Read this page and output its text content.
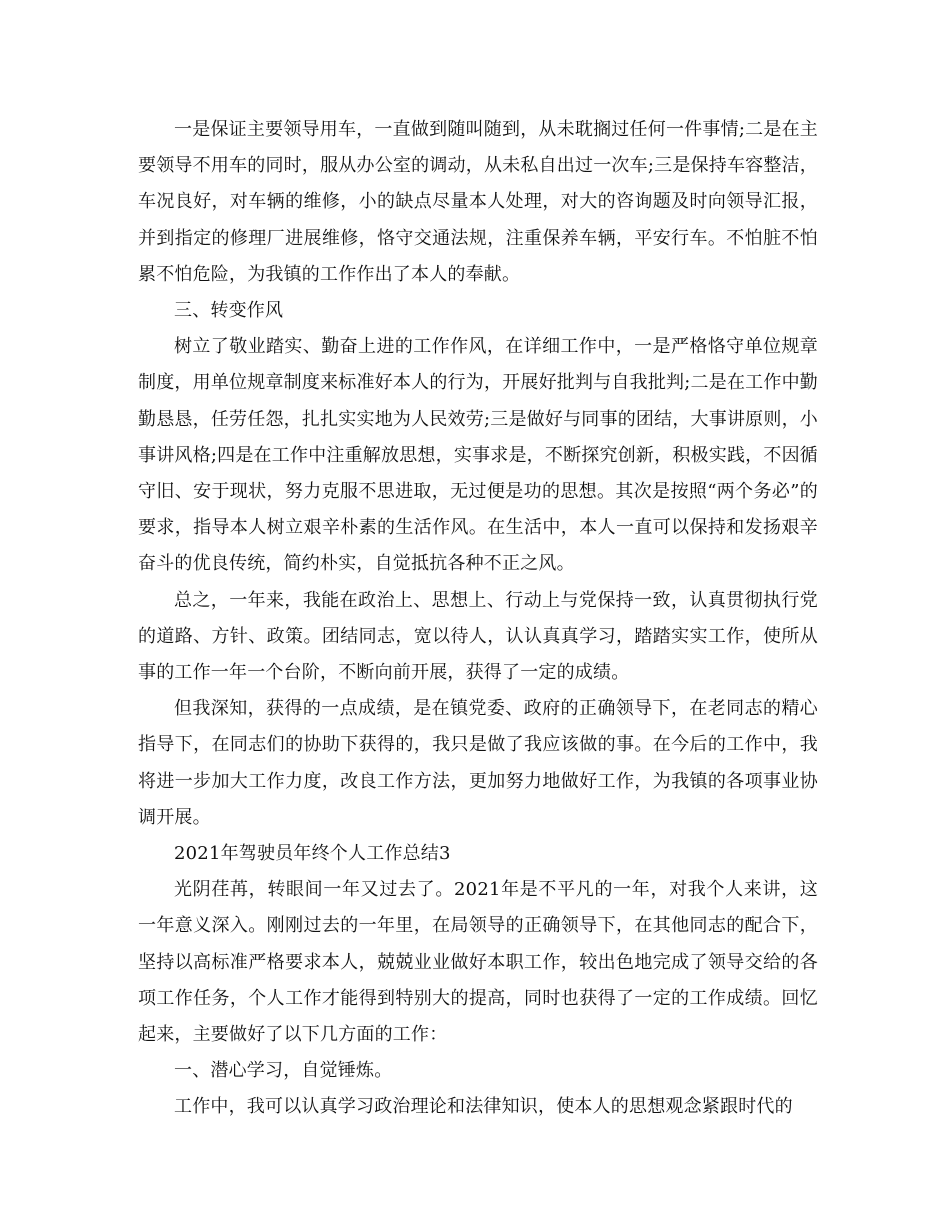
一是保证主要领导用车，一直做到随叫随到，从未耽搁过任何一件事情;二是在主要领导不用车的同时，服从办公室的调动，从未私自出过一次车;三是保持车容整洁，车况良好，对车辆的维修，小的缺点尽量本人处理，对大的咨询题及时向领导汇报，并到指定的修理厂进展维修，恪守交通法规，注重保养车辆，平安行车。不怕脏不怕累不怕危险，为我镇的工作作出了本人的奉献。

三、转变作风

树立了敬业踏实、勤奋上进的工作作风，在详细工作中，一是严格恪守单位规章制度，用单位规章制度来标准好本人的行为，开展好批判与自我批判;二是在工作中勤勤恳恳，任劳任怨，扎扎实实地为人民效劳;三是做好与同事的团结，大事讲原则，小事讲风格;四是在工作中注重解放思想，实事求是，不断探究创新，积极实践，不因循守旧、安于现状，努力克服不思进取，无过便是功的思想。其次是按照“两个务必”的要求，指导本人树立艰辛朴素的生活作风。在生活中，本人一直可以保持和发扬艰辛奋斗的优良传统，简约朴实，自觉抵抗各种不正之风。

总之，一年来，我能在政治上、思想上、行动上与党保持一致，认真贯彻执行党的道路、方针、政策。团结同志，宽以待人，认认真真学习，踏踏实实工作，使所从事的工作一年一个台阶，不断向前开展，获得了一定的成绩。

但我深知，获得的一点成绩，是在镇党委、政府的正确领导下，在老同志的精心指导下，在同志们的协助下获得的，我只是做了我应该做的事。在今后的工作中，我将进一步加大工作力度，改良工作方法，更加努力地做好工作，为我镇的各项事业协调开展。

2021年驾驶员年终个人工作总结3

光阴荏苒，转眼间一年又过去了。2021年是不平凡的一年，对我个人来讲，这一年意义深入。刚刚过去的一年里，在局领导的正确领导下，在其他同志的配合下，坚持以高标准严格要求本人，兢兢业业做好本职工作，较出色地完成了领导交给的各项工作任务，个人工作才能得到特别大的提高，同时也获得了一定的工作成绩。回忆起来，主要做好了以下几方面的工作：

一、潜心学习，自觉锤炼。

工作中，我可以认真学习政治理论和法律知识，使本人的思想观念紧跟时代的
